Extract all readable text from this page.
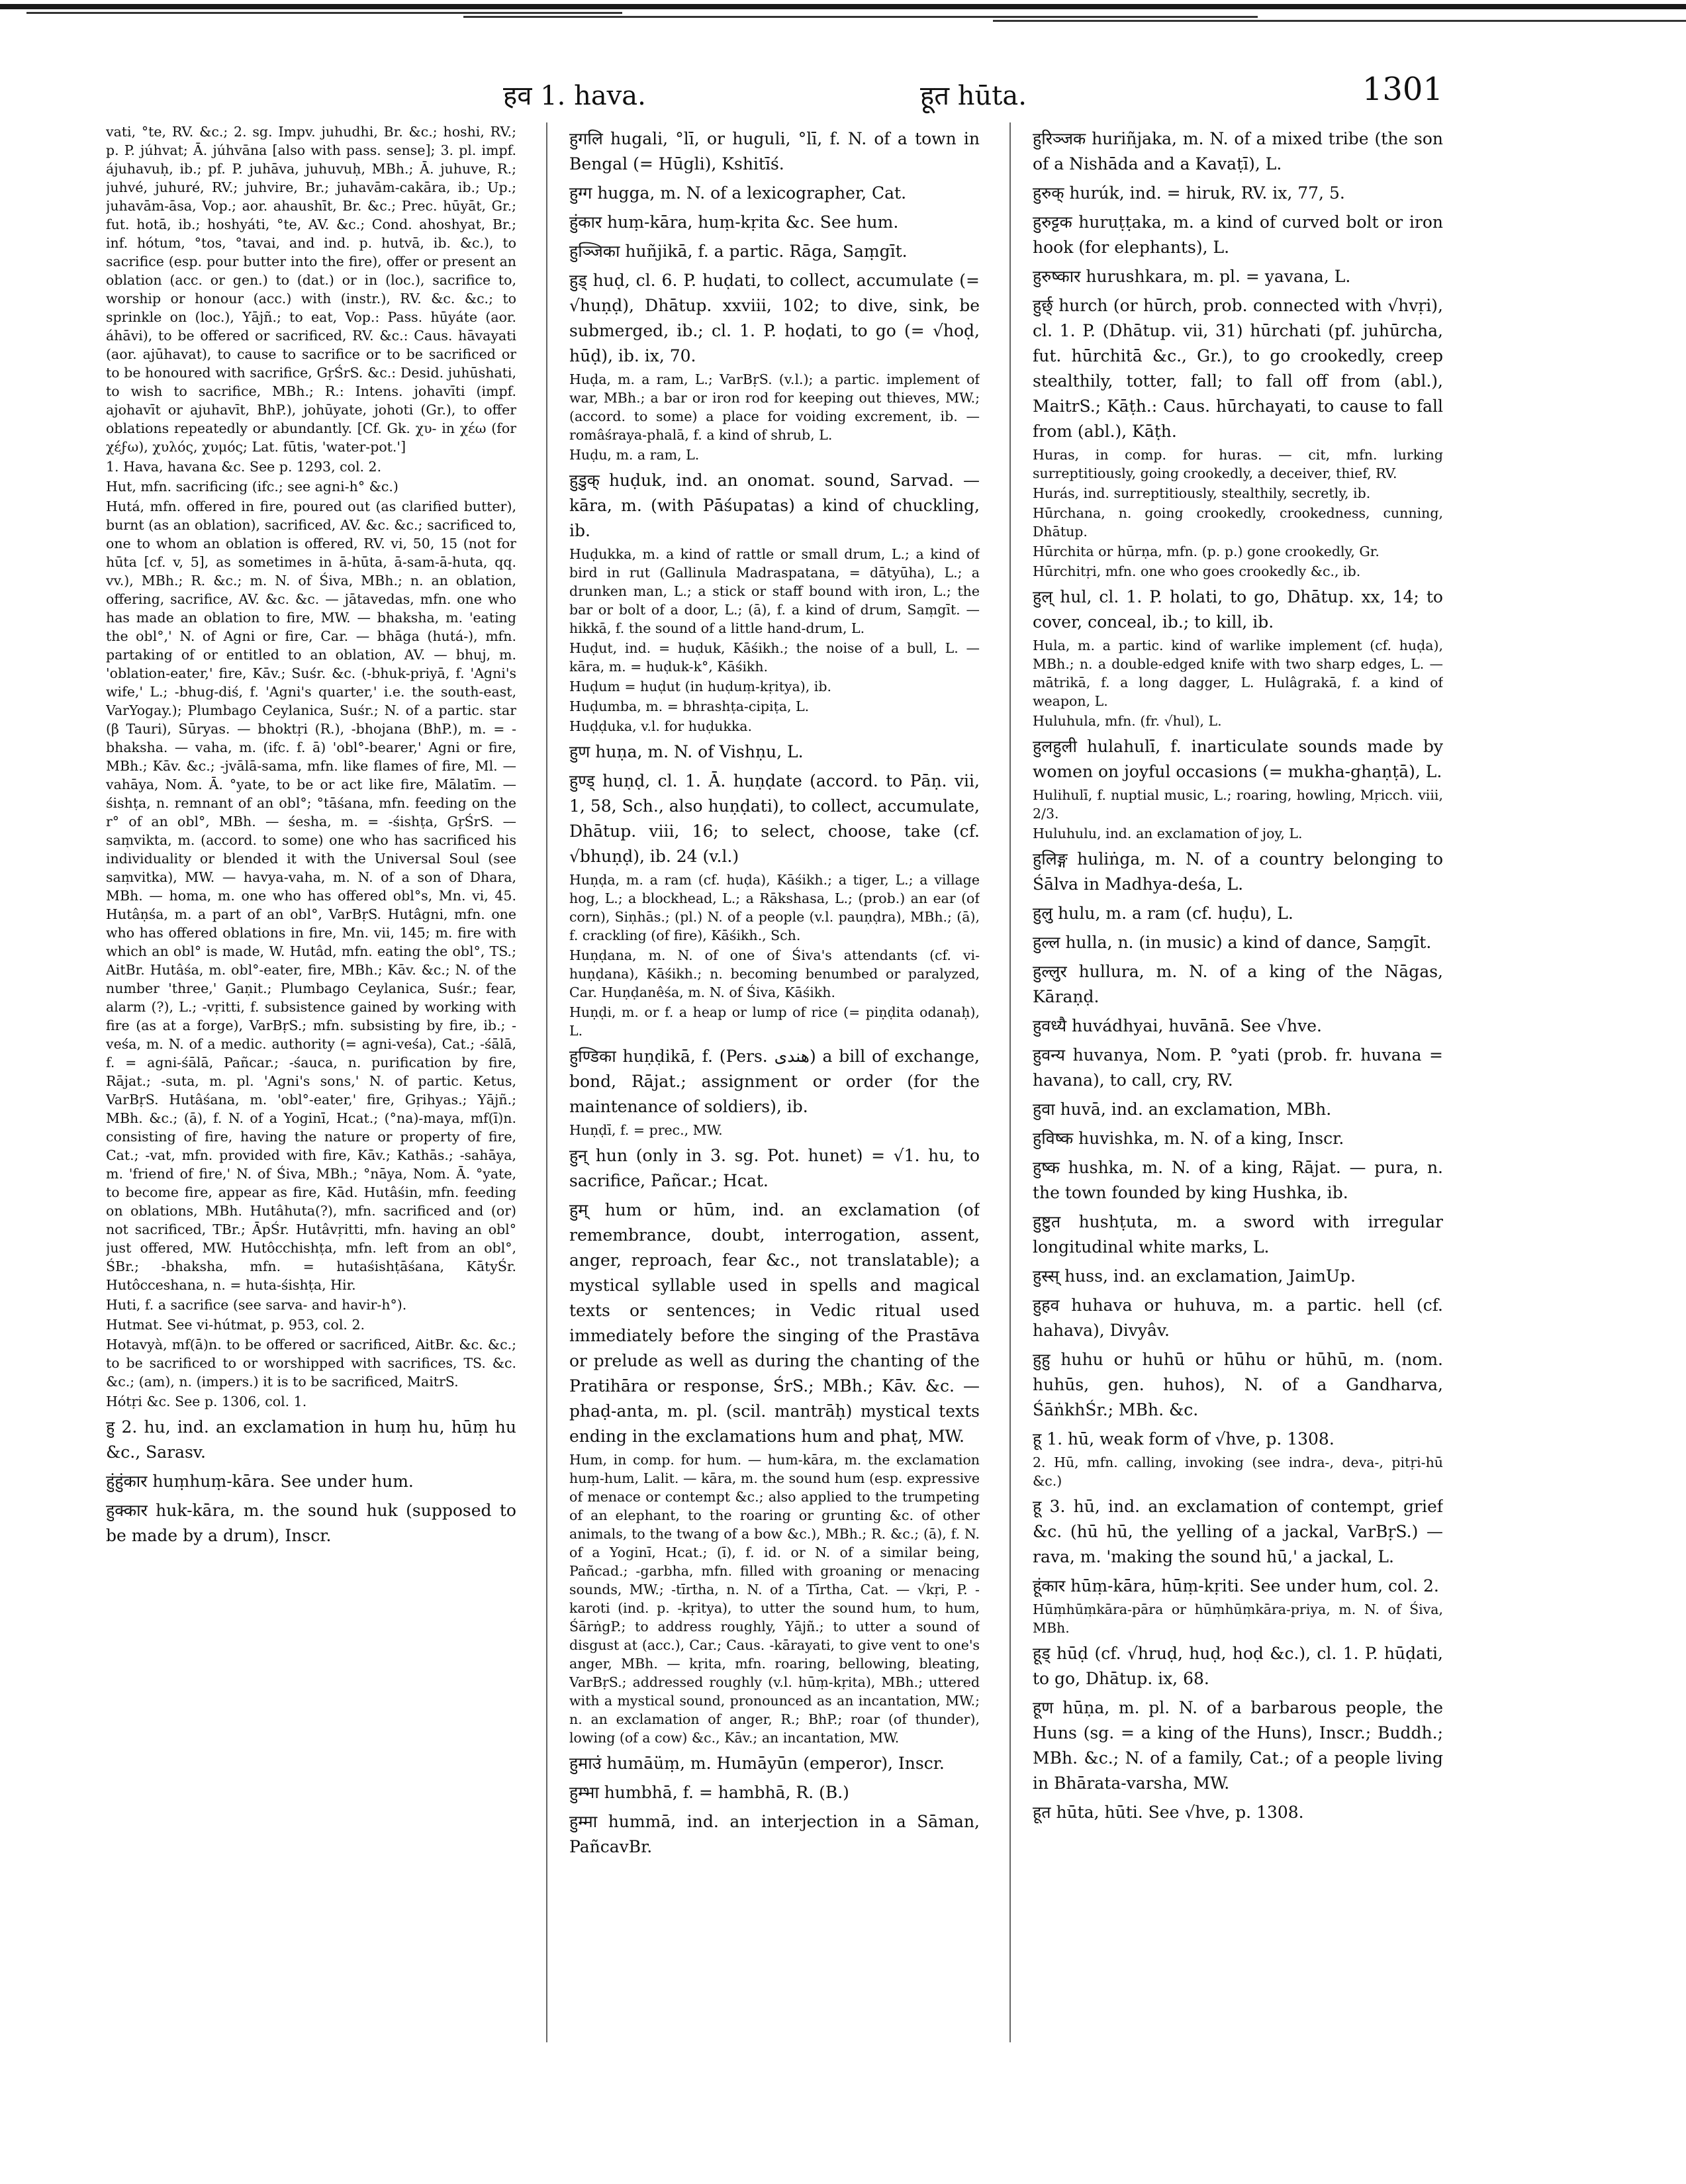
हव 1. hava.	हूत hūta.	1301

vati, °te, RV. &c.; 2. sg. Impv. juhudhi, Br. &c.; hoshi, RV.; p. P. júhvat; Ā. júhvāna [also with pass. sense]; 3. pl. impf. ájuhavuḥ, ib.; pf. P. juhāva, juhuvuḥ, MBh.; Ā. juhuve, R.; juhvé, juhuré, RV.; juhvire, Br.; juhavām-cakāra, ib.; Up.; juhavām-āsa, Vop.; aor. ahaushīt, Br. &c.; Prec. hūyāt, Gr.; fut. hotā, ib.; hoshyáti, °te, AV. &c.; Cond. ahoshyat, Br.; inf. hótum, °tos, °tavai, and ind. p. hutvā, ib. &c.), to sacrifice (esp. pour butter into the fire), offer or present an oblation (acc. or gen.) to (dat.) or in (loc.), sacrifice to, worship or honour (acc.) with (instr.), RV. &c. &c.; to sprinkle on (loc.), Yājñ.; to eat, Vop.: Pass. hūyáte (aor. áhāvi), to be offered or sacrificed, RV. &c.: Caus. hāvayati (aor. ajūhavat), to cause to sacrifice or to be sacrificed or to be honoured with sacrifice, GṛŚrS. &c.: Desid. juhūshati, to wish to sacrifice, MBh.; R.: Intens. johavīti (impf. ajohavīt or ajuhavīt, BhP.), johūyate, johoti (Gr.), to offer oblations repeatedly or abundantly. [Cf. Gk. χυ- in χέω (for χέϝω), χυλός, χυμός; Lat. fūtis, 'water-pot.']

1. Hava, havana &c. See p. 1293, col. 2.

Hut, mfn. sacrificing (ifc.; see agni-h° &c.)

Hutá, mfn. offered in fire, poured out (as clarified butter), burnt (as an oblation), sacrificed, AV. &c. &c.; sacrificed to, one to whom an oblation is offered, RV. vi, 50, 15 (not for hūta [cf. v, 5], as sometimes in ā-hūta, ā-sam-ā-huta, qq. vv.), MBh.; R. &c.; m. N. of Śiva, MBh.; n. an oblation, offering, sacrifice, AV. &c. &c. — jātavedas, mfn. one who has made an oblation to fire, MW. — bhaksha, m. 'eating the obl°,' N. of Agni or fire, Car. — bhāga (hutá-), mfn. partaking of or entitled to an oblation, AV. — bhuj, m. 'oblation-eater,' fire, Kāv.; Suśr. &c. (-bhuk-priyā, f. 'Agni's wife,' L.; -bhug-diś, f. 'Agni's quarter,' i.e. the south-east, VarYogay.); Plumbago Ceylanica, Suśr.; N. of a partic. star (β Tauri), Sūryas. — bhoktṛi (R.), -bhojana (BhP.), m. = -bhaksha. — vaha, m. (ifc. f. ā) 'obl°-bearer,' Agni or fire, MBh.; Kāv. &c.; -jvālā-sama, mfn. like flames of fire, Ml. — vahāya, Nom. Ā. °yate, to be or act like fire, Mālatīm. — śishṭa, n. remnant of an obl°; °tāśana, mfn. feeding on the r° of an obl°, MBh. — śesha, m. = -śishṭa, GṛŚrS. — saṃvikta, m. (accord. to some) one who has sacrificed his individuality or blended it with the Universal Soul (see saṃvitka), MW. — havya-vaha, m. N. of a son of Dhara, MBh. — homa, m. one who has offered obl°s, Mn. vi, 45. Hutâṇśa, m. a part of an obl°, VarBṛS. Hutâgni, mfn. one who has offered oblations in fire, Mn. vii, 145; m. fire with which an obl° is made, W. Hutâd, mfn. eating the obl°, TS.; AitBr. Hutâśa, m. obl°-eater, fire, MBh.; Kāv. &c.; N. of the number 'three,' Gaṇit.; Plumbago Ceylanica, Suśr.; fear, alarm (?), L.; -vṛitti, f. subsistence gained by working with fire (as at a forge), VarBṛS.; mfn. subsisting by fire, ib.; -veśa, m. N. of a medic. authority (= agni-veśa), Cat.; -śālā, f. = agni-śālā, Pañcar.; -śauca, n. purification by fire, Rājat.; -suta, m. pl. 'Agni's sons,' N. of partic. Ketus, VarBṛS. Hutâśana, m. 'obl°-eater,' fire, Gṛihyas.; Yājñ.; MBh. &c.; (ā), f. N. of a Yoginī, Hcat.; (°na)-maya, mf(ī)n. consisting of fire, having the nature or property of fire, Cat.; -vat, mfn. provided with fire, Kāv.; Kathās.; -sahāya, m. 'friend of fire,' N. of Śiva, MBh.; °nāya, Nom. Ā. °yate, to become fire, appear as fire, Kād. Hutâśin, mfn. feeding on oblations, MBh. Hutâhuta(?), mfn. sacrificed and (or) not sacrificed, TBr.; ĀpŚr. Hutâvṛitti, mfn. having an obl° just offered, MW. Hutôcchishṭa, mfn. left from an obl°, ŚBr.; -bhaksha, mfn. = hutaśishṭāśana, KātyŚr. Hutôcceshana, n. = huta-śishṭa, Hir.

Huti, f. a sacrifice (see sarva- and havir-h°).

Hutmat. See vi-hútmat, p. 953, col. 2.

Hotavyà, mf(ā)n. to be offered or sacrificed, AitBr. &c. &c.; to be sacrificed to or worshipped with sacrifices, TS. &c. &c.; (am), n. (impers.) it is to be sacrificed, MaitrS.

Hótṛi &c. See p. 1306, col. 1.

हु 2. hu, ind. an exclamation in huṃ hu, hūṃ hu &c., Sarasv.

हुंहुंकार huṃhuṃ-kāra. See under hum.

हुक्कार huk-kāra, m. the sound huk (supposed to be made by a drum), Inscr.

हुगलि hugali, °lī, or huguli, °lī, f. N. of a town in Bengal (= Hūgli), Kshitīś.

हुग्ग hugga, m. N. of a lexicographer, Cat.

हुंकार huṃ-kāra, huṃ-kṛita &c. See hum.

हुञ्जिका huñjikā, f. a partic. Rāga, Saṃgīt.

हुड् huḍ, cl. 6. P. huḍati, to collect, accumulate (= √huṇḍ), Dhātup. xxviii, 102; to dive, sink, be submerged, ib.; cl. 1. P. hoḍati, to go (= √hoḍ, hūḍ), ib. ix, 70.

Huḍa, m. a ram, L.; VarBṛS. (v.l.); a partic. implement of war, MBh.; a bar or iron rod for keeping out thieves, MW.; (accord. to some) a place for voiding excrement, ib. — româśraya-phalā, f. a kind of shrub, L.

Huḍu, m. a ram, L.

हुडुक् huḍuk, ind. an onomat. sound, Sarvad. — kāra, m. (with Pāśupatas) a kind of chuckling, ib.

Huḍukka, m. a kind of rattle or small drum, L.; a kind of bird in rut (Gallinula Madraspatana, = dātyūha), L.; a drunken man, L.; a stick or staff bound with iron, L.; the bar or bolt of a door, L.; (ā), f. a kind of drum, Saṃgīt. — hikkā, f. the sound of a little hand-drum, L.

Huḍut, ind. = huḍuk, Kāśikh.; the noise of a bull, L. — kāra, m. = huḍuk-k°, Kāśikh.

Huḍum = huḍut (in huḍuṃ-kṛitya), ib.

Huḍumba, m. = bhrashṭa-cipiṭa, L.

Huḍḍuka, v.l. for huḍukka.

हुण huṇa, m. N. of Vishṇu, L.

हुण्ड् huṇḍ, cl. 1. Ā. huṇḍate (accord. to Pāṇ. vii, 1, 58, Sch., also huṇḍati), to collect, accumulate, Dhātup. viii, 16; to select, choose, take (cf. √bhuṇḍ), ib. 24 (v.l.)

Huṇḍa, m. a ram (cf. huḍa), Kāśikh.; a tiger, L.; a village hog, L.; a blockhead, L.; a Rākshasa, L.; (prob.) an ear (of corn), Siṇhās.; (pl.) N. of a people (v.l. pauṇḍra), MBh.; (ā), f. crackling (of fire), Kāśikh., Sch.

Huṇḍana, m. N. of one of Śiva's attendants (cf. vi-huṇḍana), Kāśikh.; n. becoming benumbed or paralyzed, Car. Huṇḍanêśa, m. N. of Śiva, Kāśikh.

Huṇḍi, m. or f. a heap or lump of rice (= piṇḍita odanaḥ), L.

हुण्डिका huṇḍikā, f. (Pers. ﻫﻨﺪﻯ) a bill of exchange, bond, Rājat.; assignment or order (for the maintenance of soldiers), ib.

Huṇḍī, f. = prec., MW.

हुन् hun (only in 3. sg. Pot. hunet) = √1. hu, to sacrifice, Pañcar.; Hcat.

हुम् hum or hūm, ind. an exclamation (of remembrance, doubt, interrogation, assent, anger, reproach, fear &c., not translatable); a mystical syllable used in spells and magical texts or sentences; in Vedic ritual used immediately before the singing of the Prastāva or prelude as well as during the chanting of the Pratihāra or response, ŚrS.; MBh.; Kāv. &c. — phaḍ-anta, m. pl. (scil. mantrāḥ) mystical texts ending in the exclamations hum and phaṭ, MW.

Hum, in comp. for hum. — hum-kāra, m. the exclamation huṃ-hum, Lalit. — kāra, m. the sound hum (esp. expressive of menace or contempt &c.; also applied to the trumpeting of an elephant, to the roaring or grunting &c. of other animals, to the twang of a bow &c.), MBh.; R. &c.; (ā), f. N. of a Yoginī, Hcat.; (ī), f. id. or N. of a similar being, Pañcad.; -garbha, mfn. filled with groaning or menacing sounds, MW.; -tīrtha, n. N. of a Tīrtha, Cat. — √kṛi, P. -karoti (ind. p. -kṛitya), to utter the sound hum, to hum, ŚārṅgP.; to address roughly, Yājñ.; to utter a sound of disgust at (acc.), Car.; Caus. -kārayati, to give vent to one's anger, MBh. — kṛita, mfn. roaring, bellowing, bleating, VarBṛS.; addressed roughly (v.l. hūṃ-kṛita), MBh.; uttered with a mystical sound, pronounced as an incantation, MW.; n. an exclamation of anger, R.; BhP.; roar (of thunder), lowing (of a cow) &c., Kāv.; an incantation, MW.

हुमाउं humāüṃ, m. Humāyūn (emperor), Inscr.

हुम्भा humbhā, f. = hambhā, R. (B.)

हुम्मा hummā, ind. an interjection in a Sāman, PañcavBr.

हुरिञ्जक huriñjaka, m. N. of a mixed tribe (the son of a Nishāda and a Kavaṭī), L.

हुरुक् hurúk, ind. = hiruk, RV. ix, 77, 5.

हुरुट्टक huruṭṭaka, m. a kind of curved bolt or iron hook (for elephants), L.

हुरुष्कार hurushkara, m. pl. = yavana, L.

हुर्छ् hurch (or hūrch, prob. connected with √hvṛi), cl. 1. P. (Dhātup. vii, 31) hūrchati (pf. juhūrcha, fut. hūrchitā &c., Gr.), to go crookedly, creep stealthily, totter, fall; to fall off from (abl.), MaitrS.; Kāṭh.: Caus. hūrchayati, to cause to fall from (abl.), Kāṭh.

Huras, in comp. for huras. — cit, mfn. lurking surreptitiously, going crookedly, a deceiver, thief, RV.

Hurás, ind. surreptitiously, stealthily, secretly, ib.

Hūrchana, n. going crookedly, crookedness, cunning, Dhātup.

Hūrchita or hūrṇa, mfn. (p. p.) gone crookedly, Gr.

Hūrchitṛi, mfn. one who goes crookedly &c., ib.

हुल् hul, cl. 1. P. holati, to go, Dhātup. xx, 14; to cover, conceal, ib.; to kill, ib.

Hula, m. a partic. kind of warlike implement (cf. huḍa), MBh.; n. a double-edged knife with two sharp edges, L. — mātrikā, f. a long dagger, L. Hulâgrakā, f. a kind of weapon, L.

Huluhula, mfn. (fr. √hul), L.

हुलहुली hulahulī, f. inarticulate sounds made by women on joyful occasions (= mukha-ghaṇṭā), L.

Hulihulī, f. nuptial music, L.; roaring, howling, Mṛicch. viii, 2/3.

Huluhulu, ind. an exclamation of joy, L.

हुलिङ्ग huliṅga, m. N. of a country belonging to Śālva in Madhya-deśa, L.

हुलु hulu, m. a ram (cf. huḍu), L.

हुल्ल hulla, n. (in music) a kind of dance, Saṃgīt.

हुल्लुर hullura, m. N. of a king of the Nāgas, Kāraṇḍ.

हुवध्यै huvádhyai, huvānā. See √hve.

हुवन्य huvanya, Nom. P. °yati (prob. fr. huvana = havana), to call, cry, RV.

हुवा huvā, ind. an exclamation, MBh.

हुविष्क huvishka, m. N. of a king, Inscr.

हुष्क hushka, m. N. of a king, Rājat. — pura, n. the town founded by king Hushka, ib.

हुष्टुत hushṭuta, m. a sword with irregular longitudinal white marks, L.

हुस्स् huss, ind. an exclamation, JaimUp.

हुहव huhava or huhuva, m. a partic. hell (cf. hahava), Divyâv.

हुहु huhu or huhū or hūhu or hūhū, m. (nom. huhūs, gen. huhos), N. of a Gandharva, ŚāṅkhŚr.; MBh. &c.

हू 1. hū, weak form of √hve, p. 1308.

2. Hū, mfn. calling, invoking (see indra-, deva-, pitṛi-hū &c.)

हू 3. hū, ind. an exclamation of contempt, grief &c. (hū hū, the yelling of a jackal, VarBṛS.) — rava, m. 'making the sound hū,' a jackal, L.

हूंकार hūṃ-kāra, hūṃ-kṛiti. See under hum, col. 2.

Hūṃhūṃkāra-pāra or hūṃhūṃkāra-priya, m. N. of Śiva, MBh.

हूड् hūḍ (cf. √hruḍ, huḍ, hoḍ &c.), cl. 1. P. hūḍati, to go, Dhātup. ix, 68.

हूण hūṇa, m. pl. N. of a barbarous people, the Huns (sg. = a king of the Huns), Inscr.; Buddh.; MBh. &c.; N. of a family, Cat.; of a people living in Bhārata-varsha, MW.

हूत hūta, hūti. See √hve, p. 1308.
